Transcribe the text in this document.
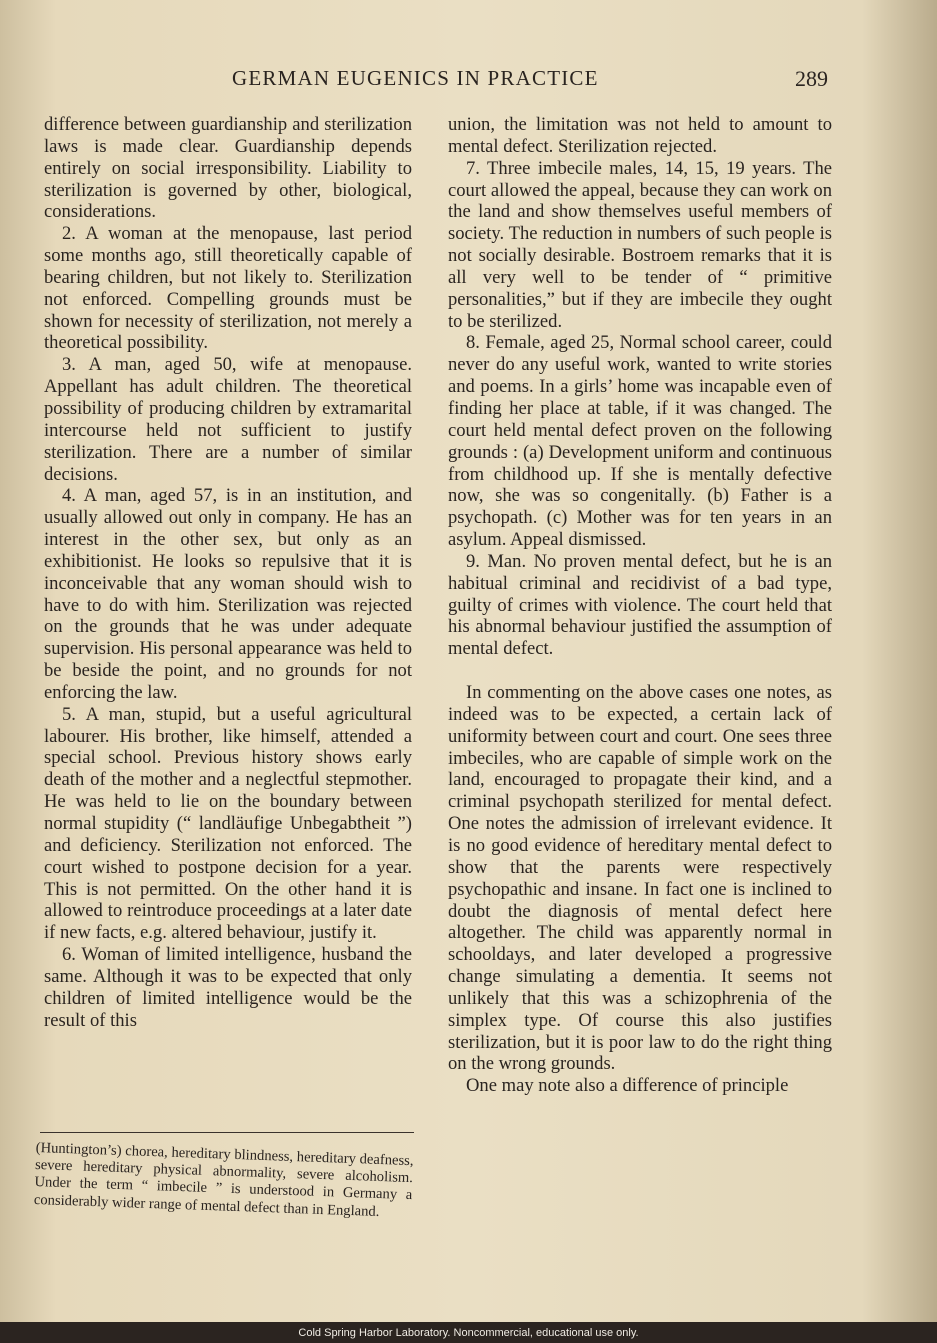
GERMAN EUGENICS IN PRACTICE	289

difference between guardianship and sterilization laws is made clear. Guardianship depends entirely on social irresponsibility. Liability to sterilization is governed by other, biological, considerations.

2. A woman at the menopause, last period some months ago, still theoretically capable of bearing children, but not likely to. Sterilization not enforced. Compelling grounds must be shown for necessity of sterilization, not merely a theoretical possibility.

3. A man, aged 50, wife at menopause. Appellant has adult children. The theoretical possibility of producing children by extramarital intercourse held not sufficient to justify sterilization. There are a number of similar decisions.

4. A man, aged 57, is in an institution, and usually allowed out only in company. He has an interest in the other sex, but only as an exhibitionist. He looks so repulsive that it is inconceivable that any woman should wish to have to do with him. Sterilization was rejected on the grounds that he was under adequate supervision. His personal appearance was held to be beside the point, and no grounds for not enforcing the law.

5. A man, stupid, but a useful agricultural labourer. His brother, like himself, attended a special school. Previous history shows early death of the mother and a neglectful stepmother. He was held to lie on the boundary between normal stupidity (“ landläufige Unbegabtheit ”) and deficiency. Sterilization not enforced. The court wished to postpone decision for a year. This is not permitted. On the other hand it is allowed to reintroduce proceedings at a later date if new facts, e.g. altered behaviour, justify it.

6. Woman of limited intelligence, husband the same. Although it was to be expected that only children of limited intelligence would be the result of this

union, the limitation was not held to amount to mental defect. Sterilization rejected.

7. Three imbecile males, 14, 15, 19 years. The court allowed the appeal, because they can work on the land and show themselves useful members of society. The reduction in numbers of such people is not socially desirable. Bostroem remarks that it is all very well to be tender of “ primitive personalities,” but if they are imbecile they ought to be sterilized.

8. Female, aged 25, Normal school career, could never do any useful work, wanted to write stories and poems. In a girls’ home was incapable even of finding her place at table, if it was changed. The court held mental defect proven on the following grounds : (a) Development uniform and continuous from childhood up. If she is mentally defective now, she was so congenitally. (b) Father is a psychopath. (c) Mother was for ten years in an asylum. Appeal dismissed.

9. Man. No proven mental defect, but he is an habitual criminal and recidivist of a bad type, guilty of crimes with violence. The court held that his abnormal behaviour justified the assumption of mental defect.

In commenting on the above cases one notes, as indeed was to be expected, a certain lack of uniformity between court and court. One sees three imbeciles, who are capable of simple work on the land, encouraged to propagate their kind, and a criminal psychopath sterilized for mental defect. One notes the admission of irrelevant evidence. It is no good evidence of hereditary mental defect to show that the parents were respectively psychopathic and insane. In fact one is inclined to doubt the diagnosis of mental defect here altogether. The child was apparently normal in schooldays, and later developed a progressive change simulating a dementia. It seems not unlikely that this was a schizophrenia of the simplex type. Of course this also justifies sterilization, but it is poor law to do the right thing on the wrong grounds.

One may note also a difference of principle

(Huntington’s) chorea, hereditary blindness, hereditary deafness, severe hereditary physical abnormality, severe alcoholism. Under the term “ imbecile ” is understood in Germany a considerably wider range of mental defect than in England.

Cold Spring Harbor Laboratory. Noncommercial, educational use only.
